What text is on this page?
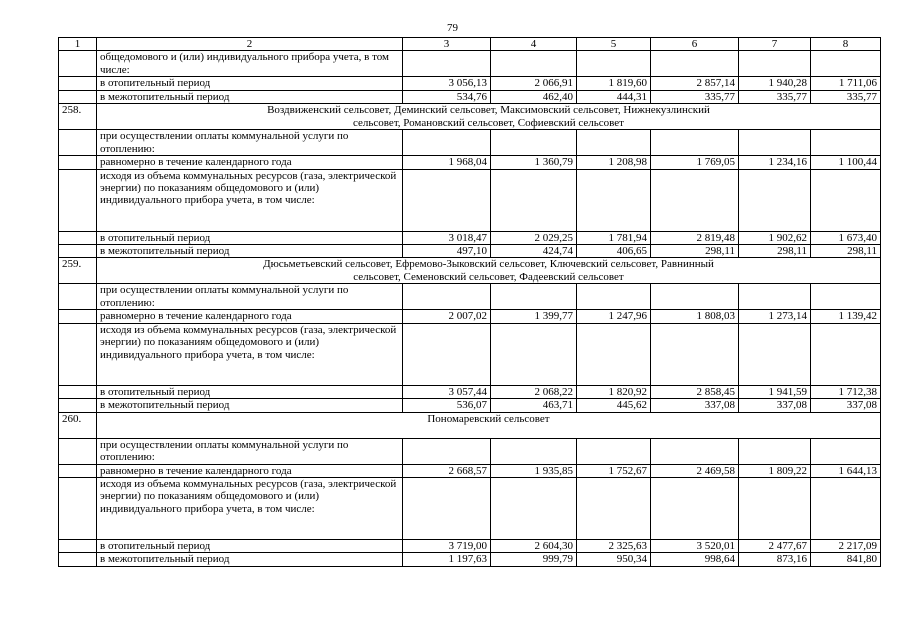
79
1	2	3	4	5	6	7	8
	общедомового и (или) индивидуального прибора учета, в том числе:						
	в отопительный период	3 056,13	2 066,91	1 819,60	2 857,14	1 940,28	1 711,06
	в межотопительный период	534,76	462,40	444,31	335,77	335,77	335,77
258.	Воздвиженский сельсовет, Деминский сельсовет, Максимовский сельсовет, Нижнекузлинский сельсовет, Романовский сельсовет, Софиевский сельсовет						
	при осуществлении оплаты коммунальной услуги по отоплению:						
	равномерно в течение календарного года	1 968,04	1 360,79	1 208,98	1 769,05	1 234,16	1 100,44
	исходя из объема коммунальных ресурсов (газа, электрической энергии) по показаниям общедомового и (или) индивидуального прибора учета, в том числе:						
	в отопительный период	3 018,47	2 029,25	1 781,94	2 819,48	1 902,62	1 673,40
	в межотопительный период	497,10	424,74	406,65	298,11	298,11	298,11
259.	Дюсьметьевский сельсовет, Ефремово-Зыковский сельсовет, Ключевский сельсовет, Равнинный сельсовет, Семеновский сельсовет, Фадеевский сельсовет						
	при осуществлении оплаты коммунальной услуги по отоплению:						
	равномерно в течение календарного года	2 007,02	1 399,77	1 247,96	1 808,03	1 273,14	1 139,42
	исходя из объема коммунальных ресурсов (газа, электрической энергии) по показаниям общедомового и (или) индивидуального прибора учета, в том числе:						
	в отопительный период	3 057,44	2 068,22	1 820,92	2 858,45	1 941,59	1 712,38
	в межотопительный период	536,07	463,71	445,62	337,08	337,08	337,08
260.	Пономаревский сельсовет						
	при осуществлении оплаты коммунальной услуги по отоплению:						
	равномерно в течение календарного года	2 668,57	1 935,85	1 752,67	2 469,58	1 809,22	1 644,13
	исходя из объема коммунальных ресурсов (газа, электрической энергии) по показаниям общедомового и (или) индивидуального прибора учета, в том числе:						
	в отопительный период	3 719,00	2 604,30	2 325,63	3 520,01	2 477,67	2 217,09
	в межотопительный период	1 197,63	999,79	950,34	998,64	873,16	841,80
